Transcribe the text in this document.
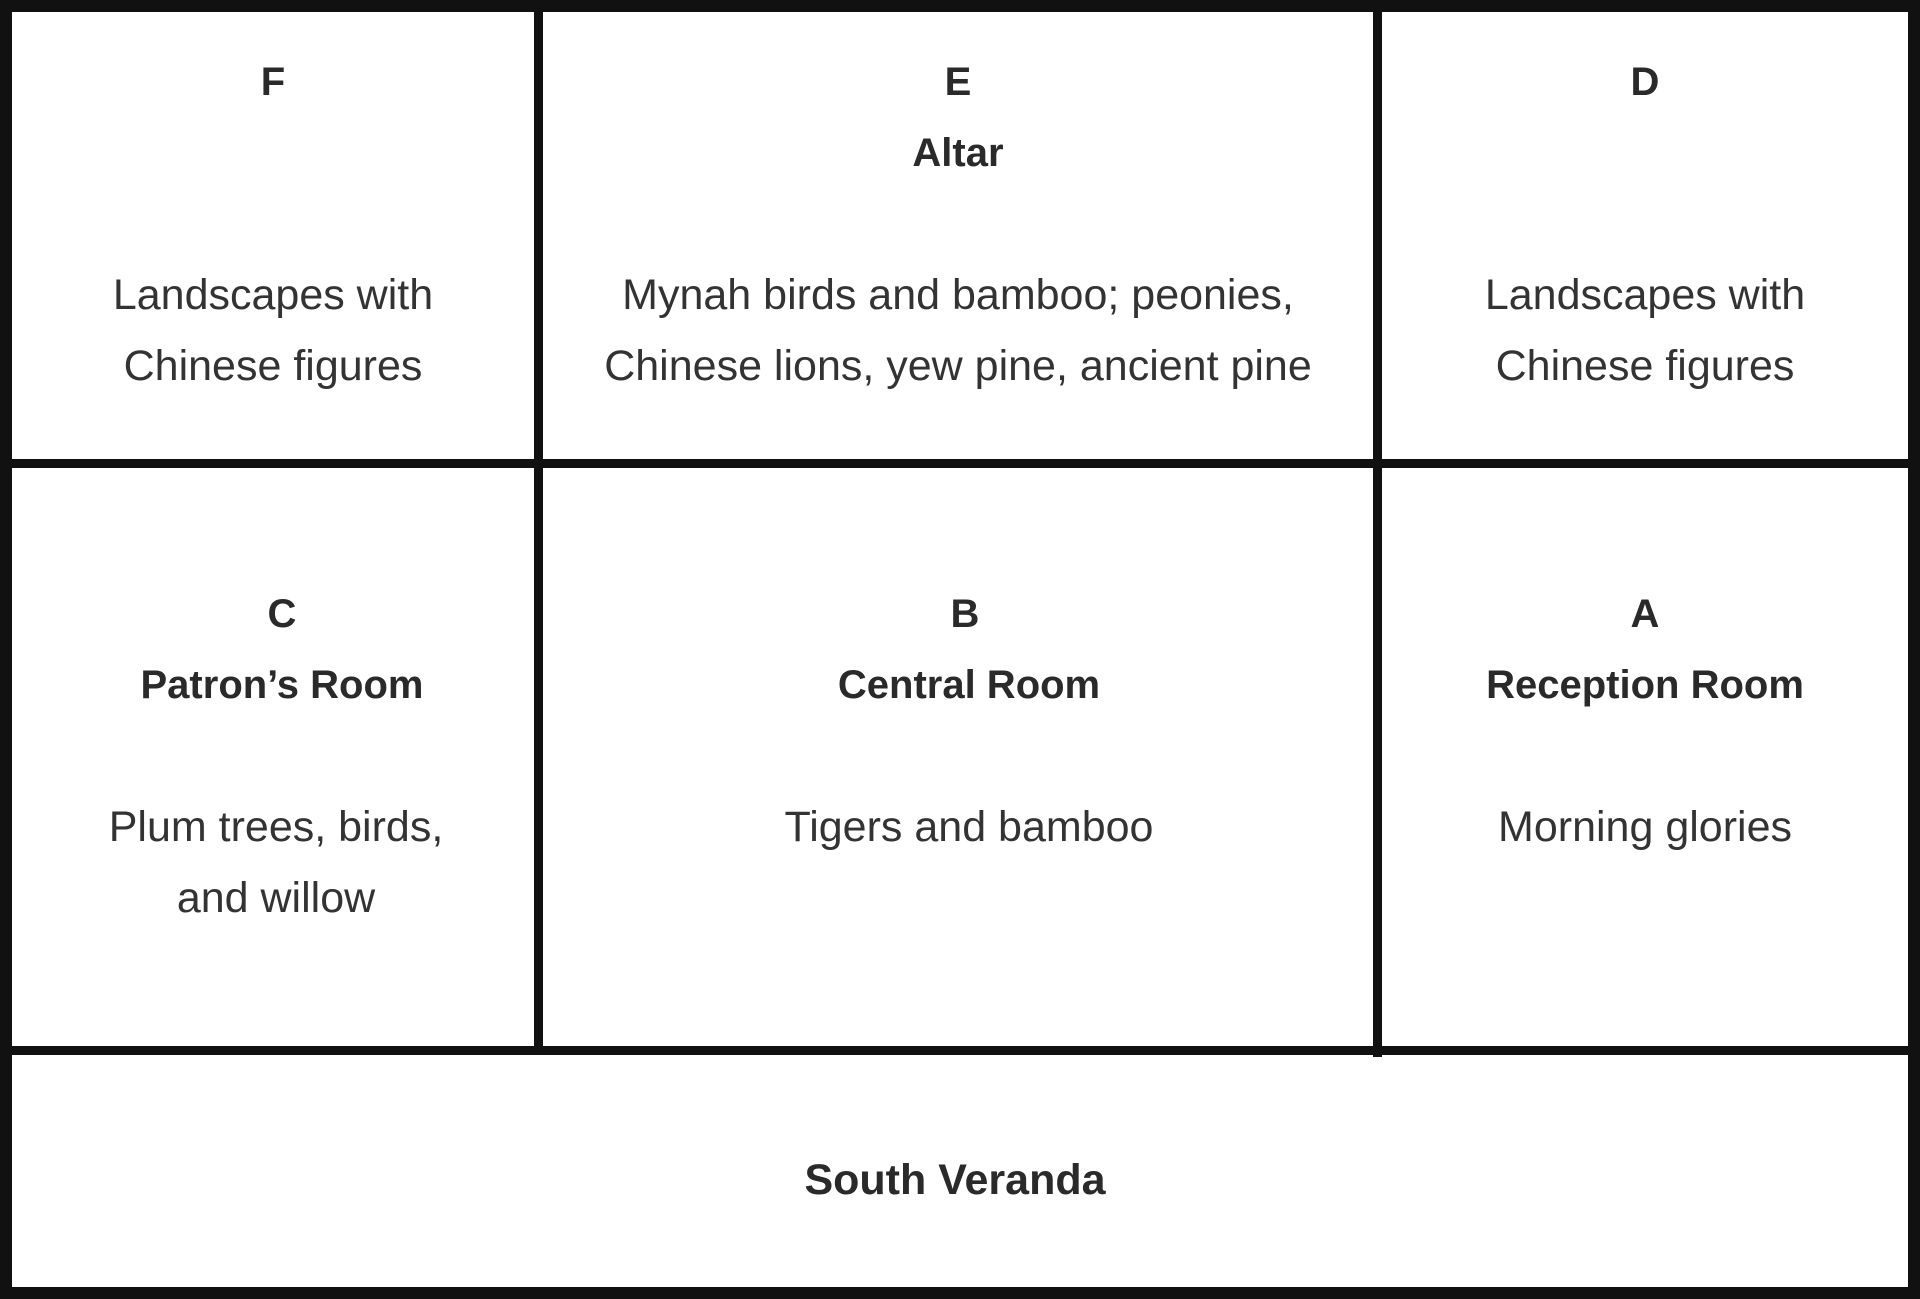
F
Landscapes with
Chinese figures
E
Altar
Mynah birds and bamboo; peonies,
Chinese lions, yew pine, ancient pine
D
Landscapes with
Chinese figures
C
Patron’s Room
Plum trees, birds,
and willow
B
Central Room
Tigers and bamboo
A
Reception Room
Morning glories
South Veranda
